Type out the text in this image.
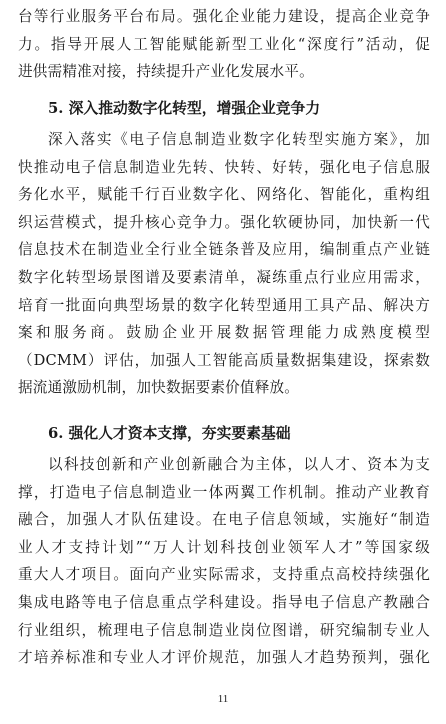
台等行业服务平台布局。强化企业能力建设，提高企业竞争
力。指导开展人工智能赋能新型工业化“深度行”活动，促
进供需精准对接，持续提升产业化发展水平。
5. 深入推动数字化转型，增强企业竞争力
深入落实《电子信息制造业数字化转型实施方案》，加
快推动电子信息制造业先转、快转、好转，强化电子信息服
务化水平，赋能千行百业数字化、网络化、智能化，重构组
织运营模式，提升核心竞争力。强化软硬协同，加快新一代
信息技术在制造业全行业全链条普及应用，编制重点产业链
数字化转型场景图谱及要素清单，凝练重点行业应用需求，
培育一批面向典型场景的数字化转型通用工具产品、解决方
案和服务商。鼓励企业开展数据管理能力成熟度模型
（DCMM）评估，加强人工智能高质量数据集建设，探索数
据流通激励机制，加快数据要素价值释放。
6. 强化人才资本支撑，夯实要素基础
以科技创新和产业创新融合为主体，以人才、资本为支
撑，打造电子信息制造业一体两翼工作机制。推动产业教育
融合，加强人才队伍建设。在电子信息领域，实施好“制造
业人才支持计划”“万人计划科技创业领军人才”等国家级
重大人才项目。面向产业实际需求，支持重点高校持续强化
集成电路等电子信息重点学科建设。指导电子信息产教融合
行业组织，梳理电子信息制造业岗位图谱，研究编制专业人
才培养标准和专业人才评价规范，加强人才趋势预判，强化
11
